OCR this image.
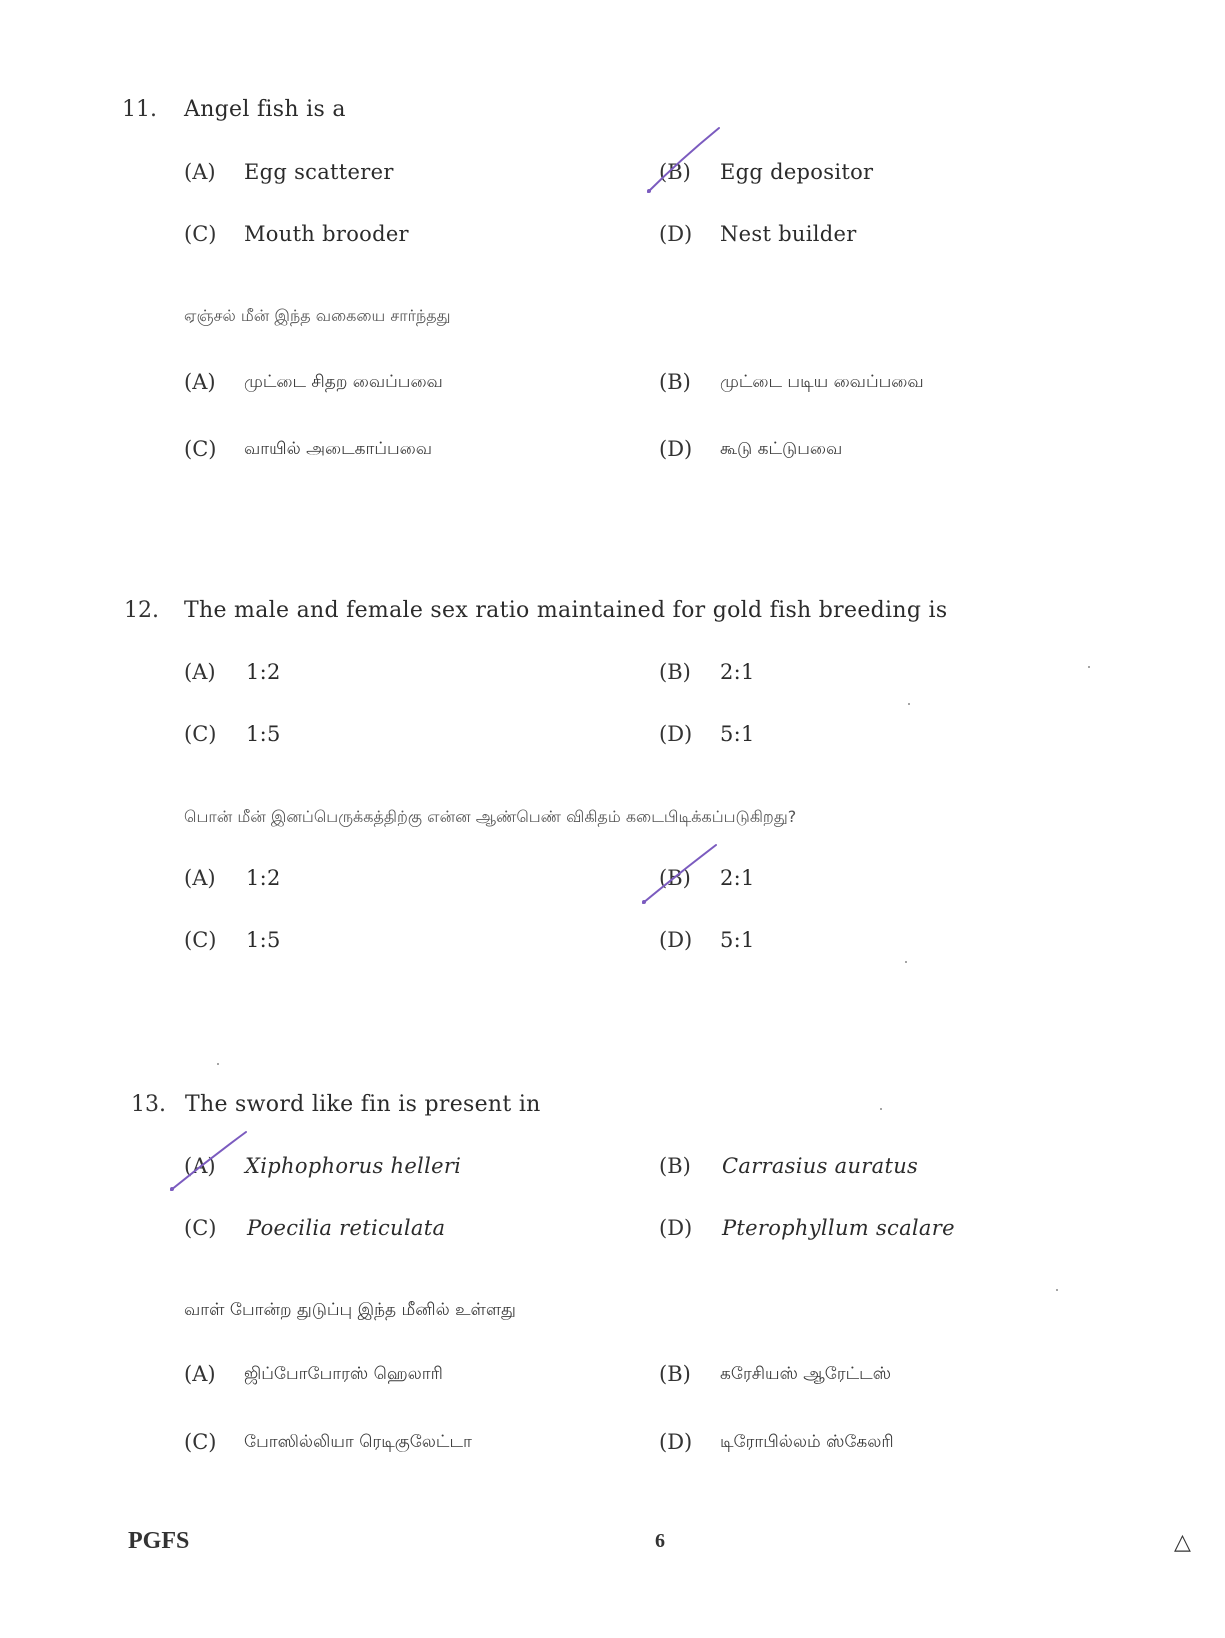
11. Angel fish is a
(A) Egg scatterer	(B) Egg depositor
(C) Mouth brooder	(D) Nest builder
ஏஞ்சல் மீன் இந்த வகையை சார்ந்தது
(A) முட்டை சிதற வைப்பவை	(B) முட்டை படிய வைப்பவை
(C) வாயில் அடைகாப்பவை	(D) கூடு கட்டுபவை
12. The male and female sex ratio maintained for gold fish breeding is
(A) 1:2	(B) 2:1
(C) 1:5	(D) 5:1
பொன் மீன் இனப்பெருக்கத்திற்கு என்ன ஆண்பெண் விகிதம் கடைபிடிக்கப்படுகிறது?
(A) 1:2	(B) 2:1
(C) 1:5	(D) 5:1
13. The sword like fin is present in
(A) Xiphophorus helleri	(B) Carrasius auratus
(C) Poecilia reticulata	(D) Pterophyllum scalare
வாள் போன்ற துடுப்பு இந்த மீனில் உள்ளது
(A) ஜிப்போபோரஸ் ஹெலாரி	(B) கரேசியஸ் ஆரேட்டஸ்
(C) போஸில்லியா ரெடிகுலேட்டா	(D) டிரோபில்லம் ஸ்கேலரி
PGFS	6	△
